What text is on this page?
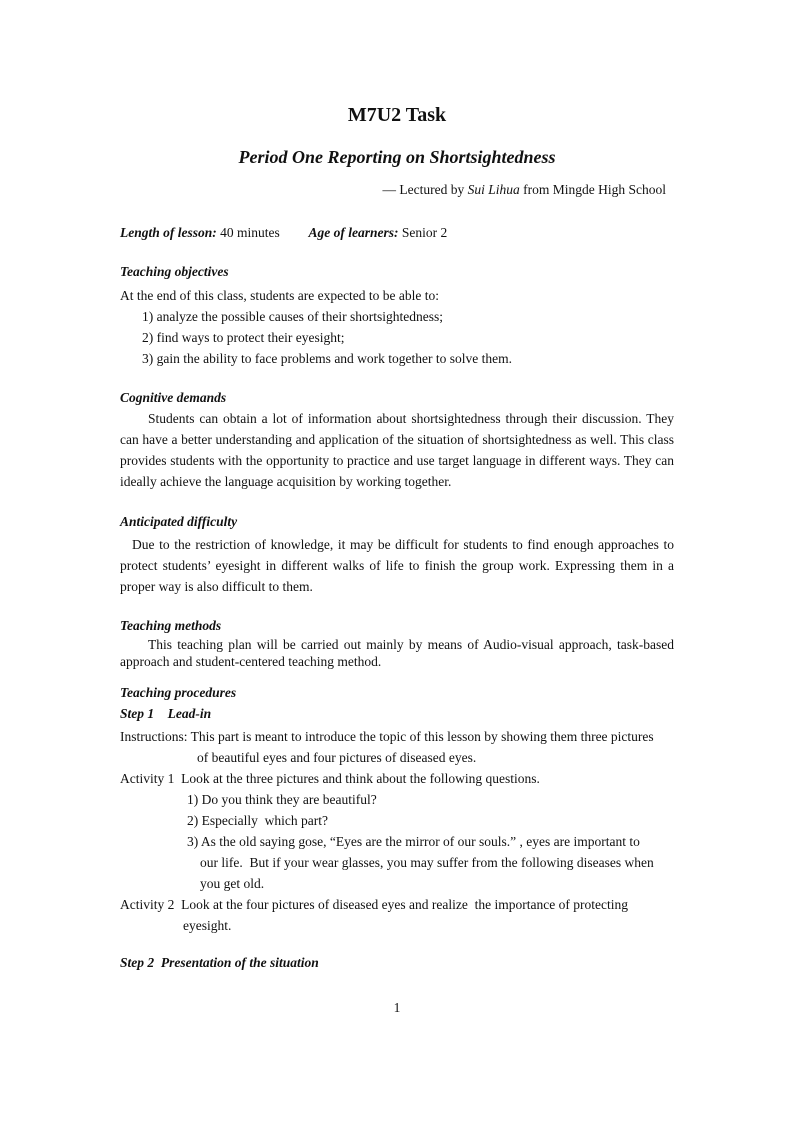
M7U2 Task
Period One Reporting on Shortsightedness
— Lectured by Sui Lihua from Mingde High School
Length of lesson: 40 minutes Age of learners: Senior 2
Teaching objectives
At the end of this class, students are expected to be able to:
1) analyze the possible causes of their shortsightedness;
2) find ways to protect their eyesight;
3) gain the ability to face problems and work together to solve them.
Cognitive demands
Students can obtain a lot of information about shortsightedness through their discussion. They can have a better understanding and application of the situation of shortsightedness as well. This class provides students with the opportunity to practice and use target language in different ways. They can ideally achieve the language acquisition by working together.
Anticipated difficulty
Due to the restriction of knowledge, it may be difficult for students to find enough approaches to protect students’ eyesight in different walks of life to finish the group work. Expressing them in a proper way is also difficult to them.
Teaching methods
This teaching plan will be carried out mainly by means of Audio-visual approach, task-based approach and student-centered teaching method.
Teaching procedures
Step 1    Lead-in
Instructions: This part is meant to introduce the topic of this lesson by showing them three pictures
of beautiful eyes and four pictures of diseased eyes.
Activity 1  Look at the three pictures and think about the following questions.
1) Do you think they are beautiful?
2) Especially  which part?
3) As the old saying gose, “Eyes are the mirror of our souls.” , eyes are important to
our life.  But if your wear glasses, you may suffer from the following diseases when
you get old.
Activity 2  Look at the four pictures of diseased eyes and realize  the importance of protecting
eyesight.
Step 2  Presentation of the situation
1
